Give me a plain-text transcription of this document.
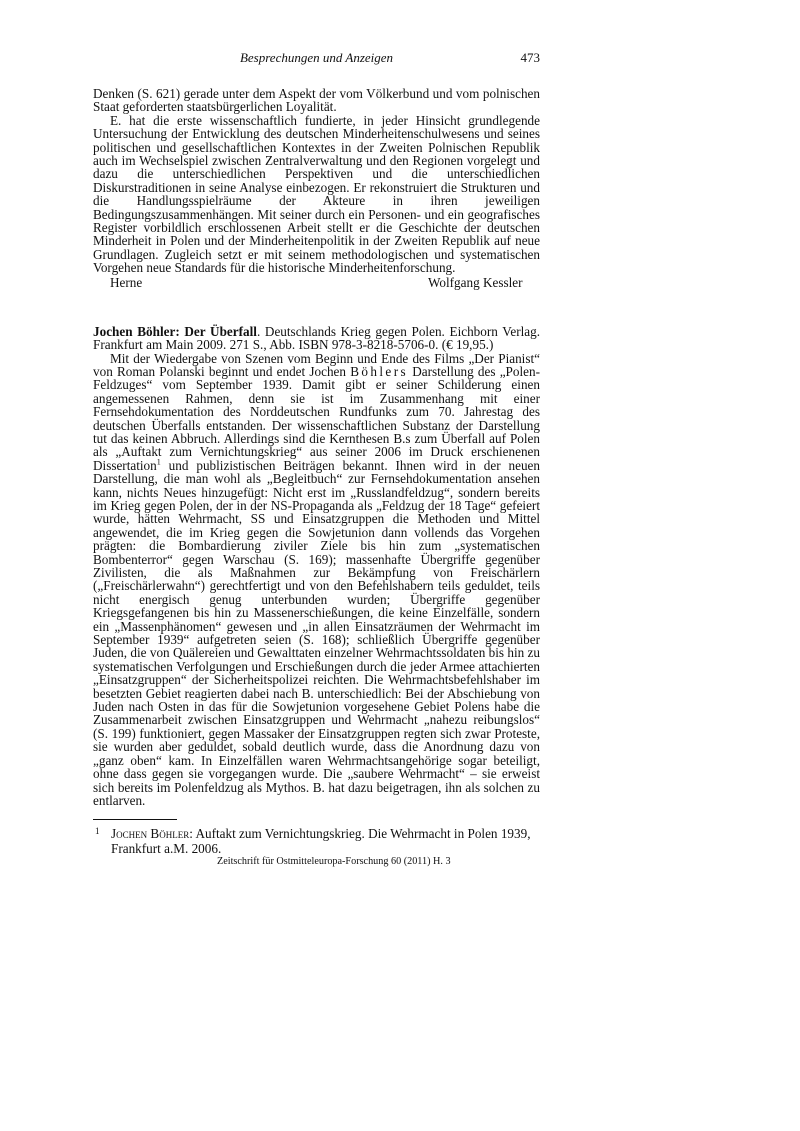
Besprechungen und Anzeigen	473

Denken (S. 621) gerade unter dem Aspekt der vom Völkerbund und vom polnischen Staat geforderten staatsbürgerlichen Loyalität.

E. hat die erste wissenschaftlich fundierte, in jeder Hinsicht grundlegende Untersuchung der Entwicklung des deutschen Minderheitenschulwesens und seines politischen und gesellschaftlichen Kontextes in der Zweiten Polnischen Republik auch im Wechselspiel zwischen Zentralverwaltung und den Regionen vorgelegt und dazu die unterschiedlichen Perspektiven und die unterschiedlichen Diskurstraditionen in seine Analyse einbezogen. Er rekonstruiert die Strukturen und die Handlungsspielräume der Akteure in ihren jeweiligen Bedingungszusammenhängen. Mit seiner durch ein Personen- und ein geografisches Register vorbildlich erschlossenen Arbeit stellt er die Geschichte der deutschen Minderheit in Polen und der Minderheitenpolitik in der Zweiten Republik auf neue Grundlagen. Zugleich setzt er mit seinem methodologischen und systematischen Vorgehen neue Standards für die historische Minderheitenforschung.

Herne	Wolfgang Kessler

Jochen Böhler: Der Überfall. Deutschlands Krieg gegen Polen. Eichborn Verlag. Frankfurt am Main 2009. 271 S., Abb. ISBN 978-3-8218-5706-0. (€ 19,95.)

Mit der Wiedergabe von Szenen vom Beginn und Ende des Films „Der Pianist“ von Roman Polanski beginnt und endet Jochen Böhlers Darstellung des „Polen-Feldzuges“ vom September 1939. Damit gibt er seiner Schilderung einen angemessenen Rahmen, denn sie ist im Zusammenhang mit einer Fernsehdokumentation des Norddeutschen Rundfunks zum 70. Jahrestag des deutschen Überfalls entstanden. Der wissenschaftlichen Substanz der Darstellung tut das keinen Abbruch. Allerdings sind die Kernthesen B.s zum Überfall auf Polen als „Auftakt zum Vernichtungskrieg“ aus seiner 2006 im Druck erschienenen Dissertation$^1$ und publizistischen Beiträgen bekannt. Ihnen wird in der neuen Darstellung, die man wohl als „Begleitbuch“ zur Fernsehdokumentation ansehen kann, nichts Neues hinzugefügt: Nicht erst im „Russlandfeldzug“, sondern bereits im Krieg gegen Polen, der in der NS-Propaganda als „Feldzug der 18 Tage“ gefeiert wurde, hätten Wehrmacht, SS und Einsatzgruppen die Methoden und Mittel angewendet, die im Krieg gegen die Sowjetunion dann vollends das Vorgehen prägten: die Bombardierung ziviler Ziele bis hin zum „systematischen Bombenterror“ gegen Warschau (S. 169); massenhafte Übergriffe gegenüber Zivilisten, die als Maßnahmen zur Bekämpfung von Freischärlern („Freischärlerwahn“) gerechtfertigt und von den Befehlshabern teils geduldet, teils nicht energisch genug unterbunden wurden; Übergriffe gegenüber Kriegsgefangenen bis hin zu Massenerschießungen, die keine Einzelfälle, sondern ein „Massenphänomen“ gewesen und „in allen Einsatzräumen der Wehrmacht im September 1939“ aufgetreten seien (S. 168); schließlich Übergriffe gegenüber Juden, die von Quälereien und Gewalttaten einzelner Wehrmachtssoldaten bis hin zu systematischen Verfolgungen und Erschießungen durch die jeder Armee attachierten „Einsatzgruppen“ der Sicherheitspolizei reichten. Die Wehrmachtsbefehlshaber im besetzten Gebiet reagierten dabei nach B. unterschiedlich: Bei der Abschiebung von Juden nach Osten in das für die Sowjetunion vorgesehene Gebiet Polens habe die Zusammenarbeit zwischen Einsatzgruppen und Wehrmacht „nahezu reibungslos“ (S. 199) funktioniert, gegen Massaker der Einsatzgruppen regten sich zwar Proteste, sie wurden aber geduldet, sobald deutlich wurde, dass die Anordnung dazu von „ganz oben“ kam. In Einzelfällen waren Wehrmachtsangehörige sogar beteiligt, ohne dass gegen sie vorgegangen wurde. Die „saubere Wehrmacht“ – sie erweist sich bereits im Polenfeldzug als Mythos. B. hat dazu beigetragen, ihn als solchen zu entlarven.

1 Jochen Böhler: Auftakt zum Vernichtungskrieg. Die Wehrmacht in Polen 1939, Frankfurt a.M. 2006.
Zeitschrift für Ostmitteleuropa-Forschung 60 (2011) H. 3
